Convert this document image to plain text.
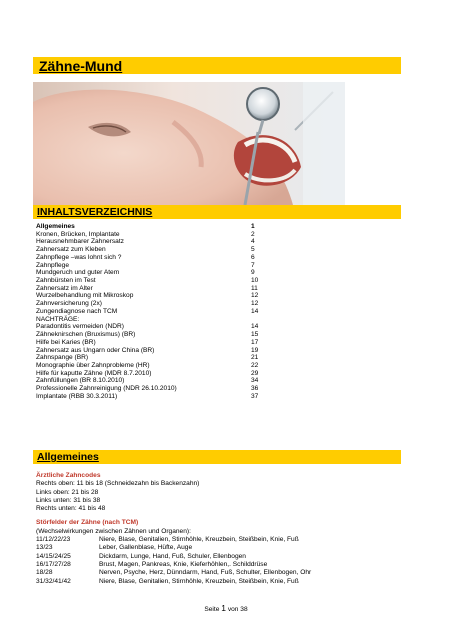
Zähne-Mund
INHALTSVERZEICHNIS
Allgemeines	1
Kronen, Brücken, Implantate	2
Herausnehmbarer Zahnersatz	4
Zahnersatz zum Kleben	5
Zahnpflege –was lohnt sich ?	6
Zahnpflege	7
Mundgeruch und guter Atem	9
Zahnbürsten im Test	10
Zahnersatz im Alter	11
Wurzelbehandlung mit Mikroskop	12
Zahnversicherung (2x)	12
Zungendiagnose nach TCM	14
NACHTRÄGE:
Paradontitis vermeiden (NDR)	14
Zähneknirschen (Bruxismus) (BR)	15
Hilfe bei Karies (BR)	17
Zahnersatz aus Ungarn oder China (BR)	19
Zahnspange (BR)	21
Monographie über Zahnprobleme (HR)	22
Hilfe für kaputte Zähne (MDR 8.7.2010)	29
Zahnfüllungen (BR 8.10.2010)	34
Professionelle Zahnreinigung (NDR 26.10.2010)	36
Implantate (RBB 30.3.2011)	37
Allgemeines
Ärztliche Zahncodes
Rechts oben: 11 bis 18 (Schneidezahn bis Backenzahn)
Links oben: 21 bis 28
Links unten: 31 bis 38
Rechts unten: 41 bis 48
Störfelder der Zähne (nach TCM)
(Wechselwirkungen zwischen Zähnen und Organen):
11/12/22/23	Niere, Blase, Genitalien, Stirnhöhle, Kreuzbein, Steißbein, Knie, Fuß
13/23	Leber, Gallenblase, Hüfte, Auge
14/15/24/25	Dickdarm, Lunge, Hand, Fuß, Schuler, Ellenbogen
16/17/27/28	Brust, Magen, Pankreas, Knie, Kieferhöhlen,. Schilddrüse
18/28	Nerven, Psyche, Herz, Dünndarm, Hand, Fuß, Schulter, Ellenbogen, Ohr
31/32/41/42	Niere, Blase, Genitalien, Stirnhöhle, Kreuzbein, Steißbein, Knie, Fuß
Seite 1 von 38
